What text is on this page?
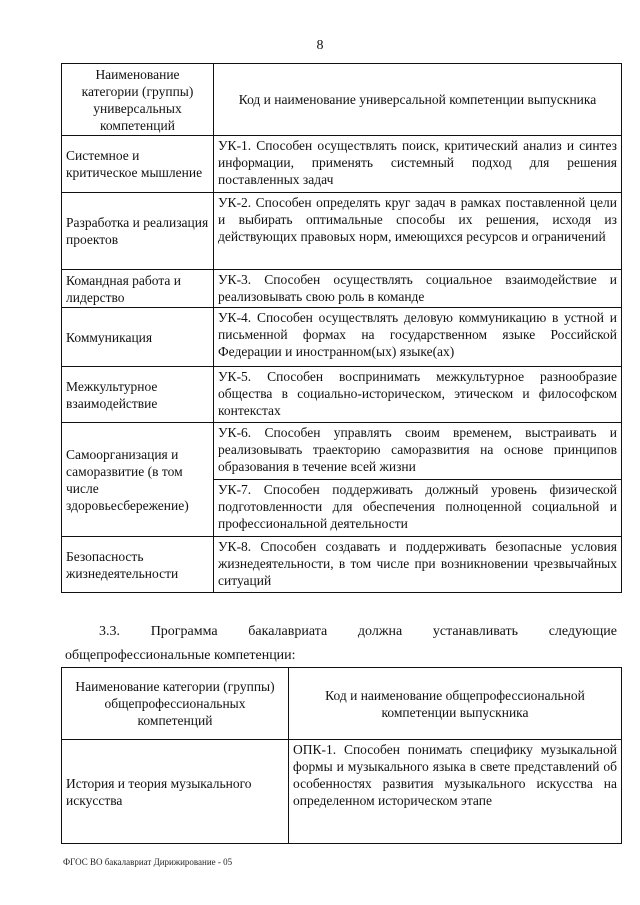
8
Наименование категории (группы) универсальных компетенций	Код и наименование универсальной компетенции выпускника
Системное и критическое мышление	УК-1. Способен осуществлять поиск, критический анализ и синтез информации, применять системный подход для решения поставленных задач
Разработка и реализация проектов	УК-2. Способен определять круг задач в рамках поставленной цели и выбирать оптимальные способы их решения, исходя из действующих правовых норм, имеющихся ресурсов и ограничений
Командная работа и лидерство	УК-3. Способен осуществлять социальное взаимодействие и реализовывать свою роль в команде
Коммуникация	УК-4. Способен осуществлять деловую коммуникацию в устной и письменной формах на государственном языке Российской Федерации и иностранном(ых) языке(ах)
Межкультурное взаимодействие	УК-5. Способен воспринимать межкультурное разнообразие общества в социально-историческом, этическом и философском контекстах
Самоорганизация и саморазвитие (в том числе здоровьесбережение)	УК-6. Способен управлять своим временем, выстраивать и реализовывать траекторию саморазвития на основе принципов образования в течение всей жизни
	УК-7. Способен поддерживать должный уровень физической подготовленности для обеспечения полноценной социальной и профессиональной деятельности
Безопасность жизнедеятельности	УК-8. Способен создавать и поддерживать безопасные условия жизнедеятельности, в том числе при возникновении чрезвычайных ситуаций
3.3. Программа бакалавриата должна устанавливать следующие
общепрофессиональные компетенции:
Наименование категории (группы) общепрофессиональных компетенций	Код и наименование общепрофессиональной компетенции выпускника
История и теория музыкального искусства	ОПК-1. Способен понимать специфику музыкальной формы и музыкального языка в свете представлений об особенностях развития музыкального искусства на определенном историческом этапе
ФГОС ВО бакалавриат Дирижирование - 05
